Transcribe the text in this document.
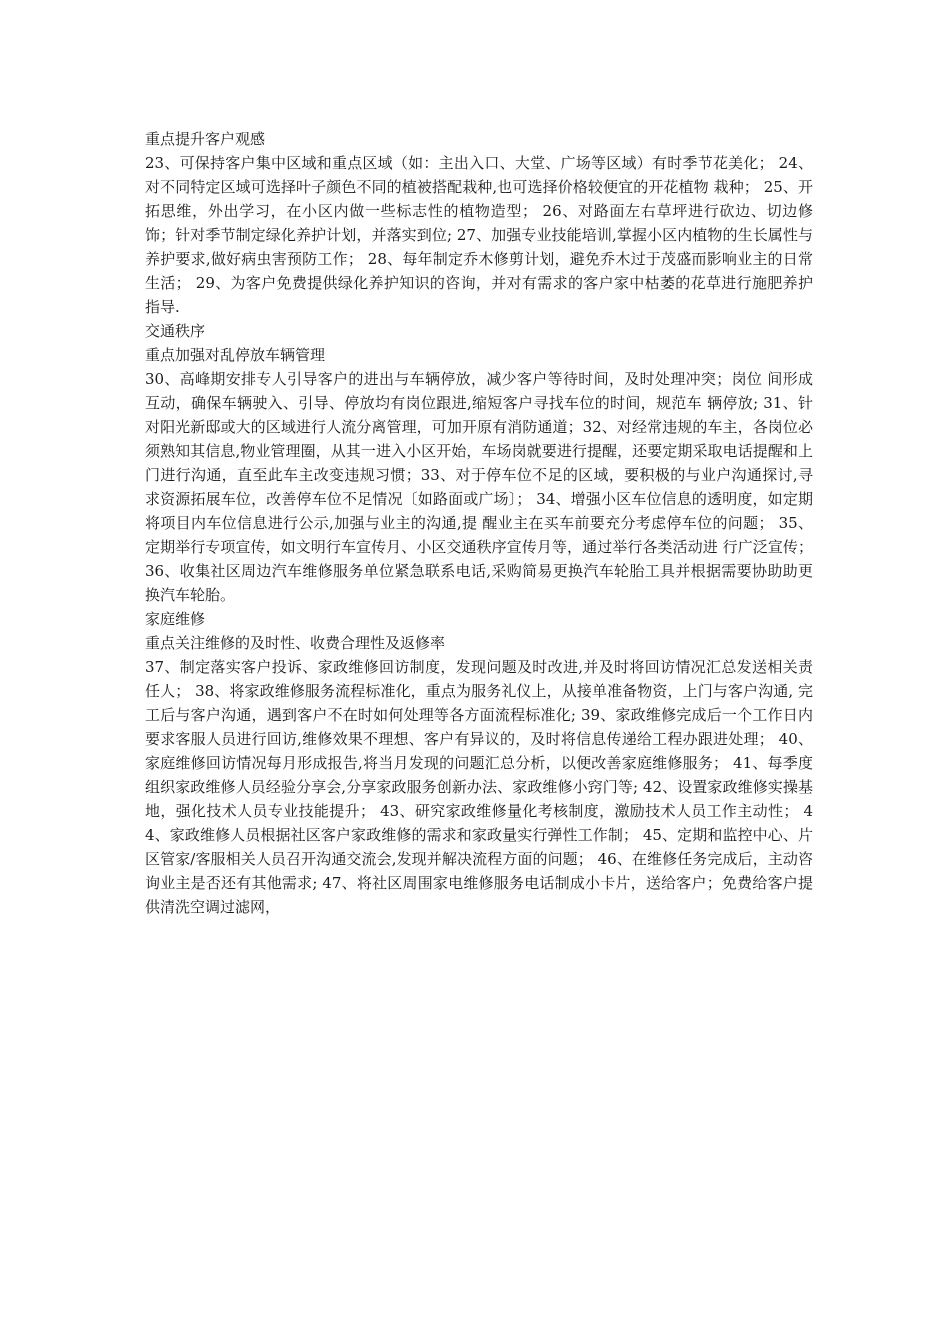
重点提升客户观感

23、可保持客户集中区域和重点区域（如：主出入口、大堂、广场等区域）有时季节花美化； 24、对不同特定区域可选择叶子颜色不同的植被搭配栽种,也可选择价格较便宜的开花植物 栽种； 25、开拓思维，外出学习，在小区内做一些标志性的植物造型； 26、对路面左右草坪进行砍边、切边修饰；针对季节制定绿化养护计划，并落实到位; 27、加强专业技能培训,掌握小区内植物的生长属性与养护要求,做好病虫害预防工作； 28、每年制定乔木修剪计划，避免乔木过于茂盛而影响业主的日常生活； 29、为客户免费提供绿化养护知识的咨询，并对有需求的客户家中枯萎的花草进行施肥养护 指导.

交通秩序

重点加强对乱停放车辆管理

30、高峰期安排专人引导客户的进出与车辆停放，减少客户等待时间，及时处理冲突；岗位 间形成互动，确保车辆驶入、引导、停放均有岗位跟进,缩短客户寻找车位的时间，规范车 辆停放; 31、针对阳光新邸或大的区域进行人流分离管理，可加开原有消防通道；32、对经常违规的车主，各岗位必须熟知其信息,物业管理圈，从其一进入小区开始，车场岗就要进行提醒，还要定期采取电话提醒和上门进行沟通，直至此车主改变违规习惯；33、对于停车位不足的区域，要积极的与业户沟通探讨,寻求资源拓展车位，改善停车位不足情况〔如路面或广场〕； 34、增强小区车位信息的透明度，如定期将项目内车位信息进行公示,加强与业主的沟通,提 醒业主在买车前要充分考虑停车位的问题； 35、定期举行专项宣传，如文明行车宣传月、小区交通秩序宣传月等，通过举行各类活动进 行广泛宣传；36、收集社区周边汽车维修服务单位紧急联系电话,采购简易更换汽车轮胎工具并根据需要协助助更换汽车轮胎。

家庭维修

重点关注维修的及时性、收费合理性及返修率

37、制定落实客户投诉、家政维修回访制度，发现问题及时改进,并及时将回访情况汇总发送相关责任人； 38、将家政维修服务流程标准化，重点为服务礼仪上，从接单准备物资，上门与客户沟通, 完工后与客户沟通，遇到客户不在时如何处理等各方面流程标准化; 39、家政维修完成后一个工作日内要求客服人员进行回访,维修效果不理想、客户有异议的，及时将信息传递给工程办跟进处理； 40、家庭维修回访情况每月形成报告,将当月发现的问题汇总分析，以便改善家庭维修服务； 41、每季度组织家政维修人员经验分享会,分享家政服务创新办法、家政维修小窍门等; 42、设置家政维修实操基地，强化技术人员专业技能提升； 43、研究家政维修量化考核制度，激励技术人员工作主动性； 44、家政维修人员根据社区客户家政维修的需求和家政量实行弹性工作制； 45、定期和监控中心、片区管家/客服相关人员召开沟通交流会,发现并解决流程方面的问题； 46、在维修任务完成后，主动咨询业主是否还有其他需求; 47、将社区周围家电维修服务电话制成小卡片，送给客户；免费给客户提供清洗空调过滤网，
